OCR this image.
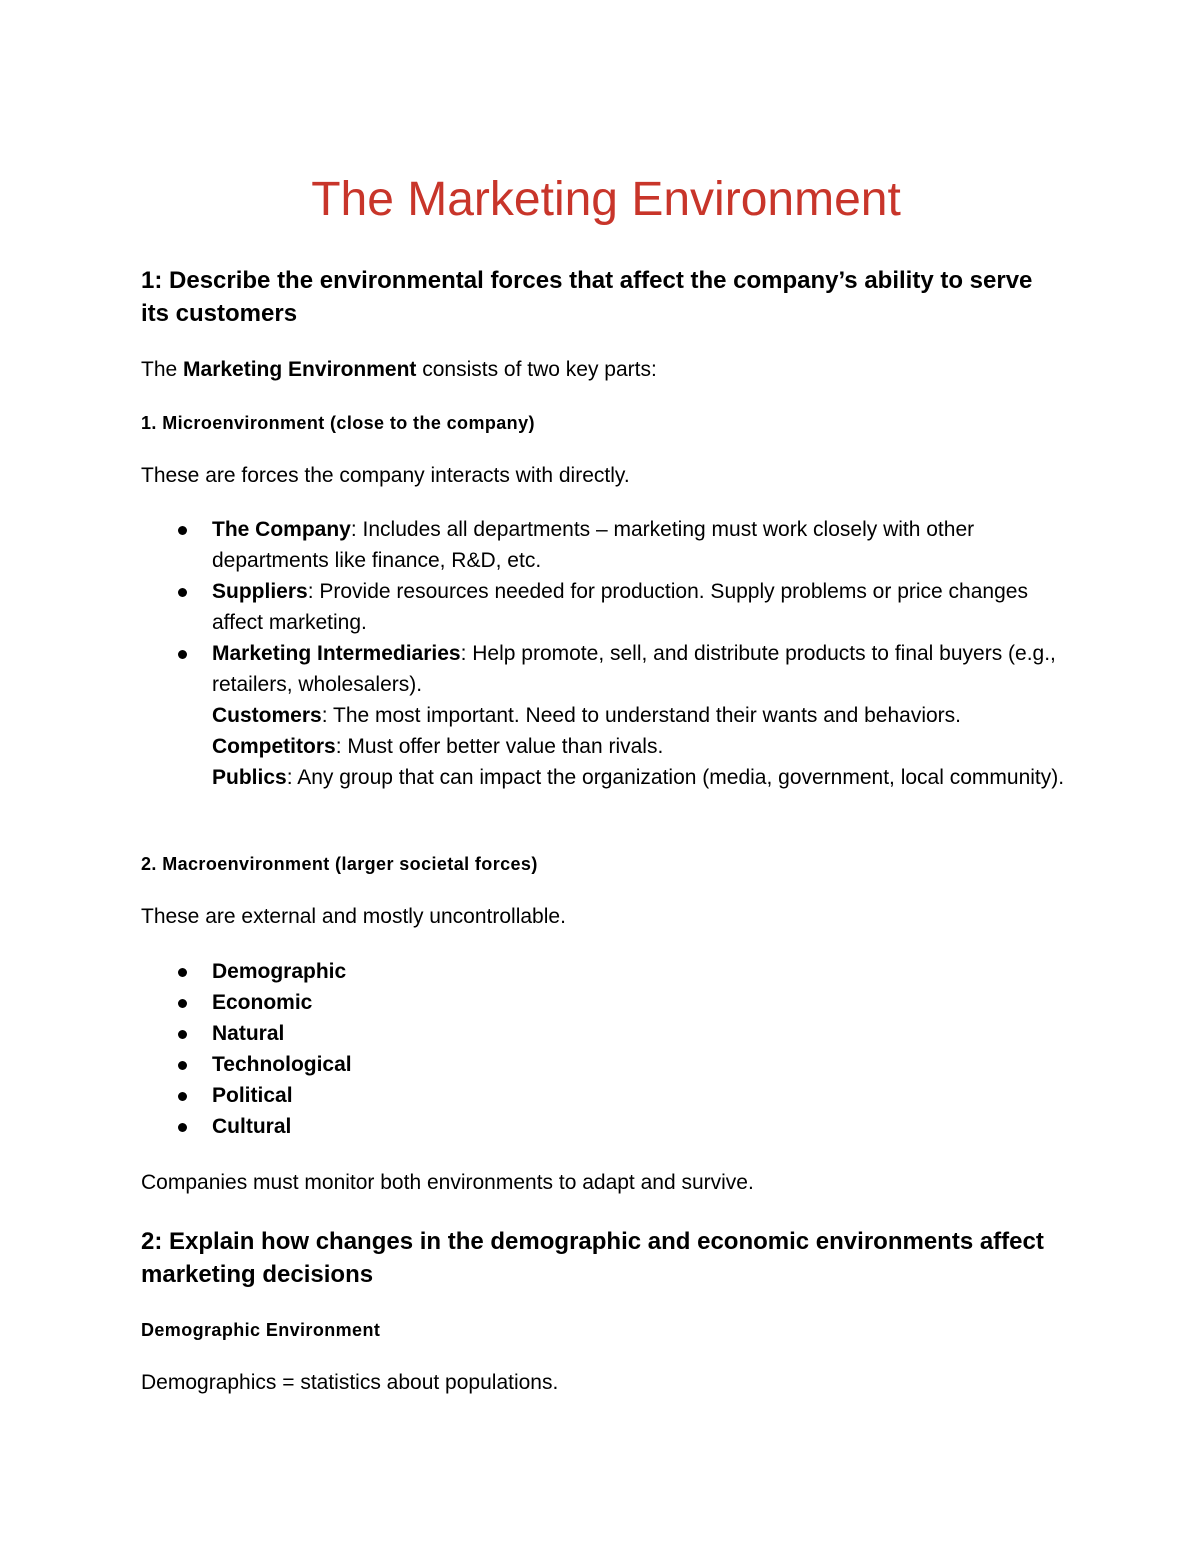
The Marketing Environment
1: Describe the environmental forces that affect the company’s ability to serve its customers

The Marketing Environment consists of two key parts:

1. Microenvironment (close to the company)

These are forces the company interacts with directly.

The Company: Includes all departments – marketing must work closely with other departments like finance, R&D, etc.
Suppliers: Provide resources needed for production. Supply problems or price changes affect marketing.
Marketing Intermediaries: Help promote, sell, and distribute products to final buyers (e.g., retailers, wholesalers).
Customers: The most important. Need to understand their wants and behaviors.
Competitors: Must offer better value than rivals.
Publics: Any group that can impact the organization (media, government, local community).
2. Macroenvironment (larger societal forces)

These are external and mostly uncontrollable.

Demographic
Economic
Natural
Technological
Political
Cultural

Companies must monitor both environments to adapt and survive.

2: Explain how changes in the demographic and economic environments affect marketing decisions
Demographic Environment

Demographics = statistics about populations.
